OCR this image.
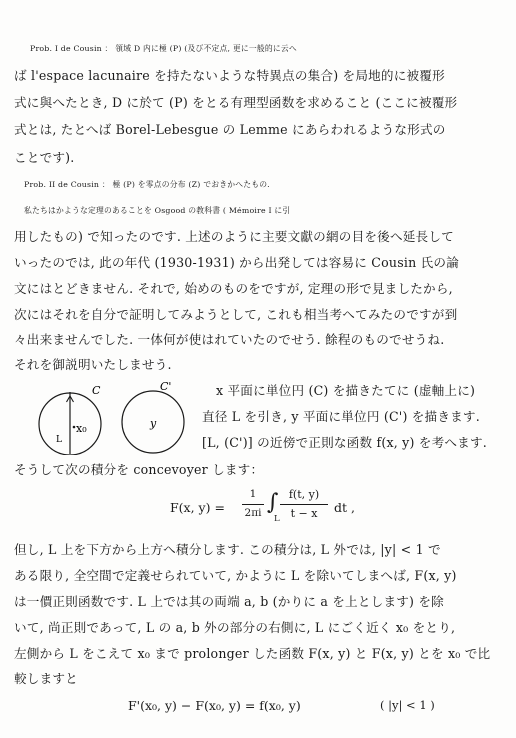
Prob. I de Cousin ： 領域 D 内に極 (P) (及び不定点, 更に一般的に云へ
ば l'espace lacunaire を持たないような特異点の集合) を局地的に被覆形
式に與へたとき, D に於て (P) をとる有理型函数を求めること (ここに被覆形
式とは, たとへば Borel-Lebesgue の Lemme にあらわれるような形式の
ことです).
Prob. II de Cousin ： 極 (P) を零点の分布 (Z) でおきかへたもの.
私たちはかような定理のあることを Osgood の教科書 ( Mémoire I に引
用したもの) で知ったのです. 上述のように主要文獻の網の目を後へ延長して
いったのでは, 此の年代 (1930-1931) から出発しては容易に Cousin 氏の論
文にはとどきません. それで, 始めのものをですが, 定理の形で見ましたから,
次にはそれを自分で証明してみようとして, これも相当考へてみたのですが到
々出来ませんでした. 一体何が使はれていたのでせう. 餘程のものでせうね.
それを御説明いたしませう.
x₀
C
L
C'
y
x 平面に単位円 (C) を描きたてに (虚軸上に)
直径 L を引き, y 平面に単位円 (C') を描きます.
[L, (C')] の近傍で正則な函数 f(x, y) を考へます.
そうして次の積分を concevoyer します：
F(x, y) =
1
2πi ∫
L
f(t, y)
t − x	dt ,
但し, L 上を下方から上方へ積分します. この積分は, L 外では, |y| < 1 で
ある限り, 全空間で定義せられていて, かように L を除いてしまへば, F(x, y)
は一價正則函数です. L 上では其の両端 a, b (かりに a を上とします) を除
いて, 尚正則であって, L の a, b 外の部分の右側に, L にごく近く x₀ をとり,
左側から L をこえて x₀ まで prolonger した函数 F(x, y) と F(x, y) とを x₀ で比
較しますと
F'(x₀, y) − F(x₀, y) = f(x₀, y)	( |y| < 1 )
